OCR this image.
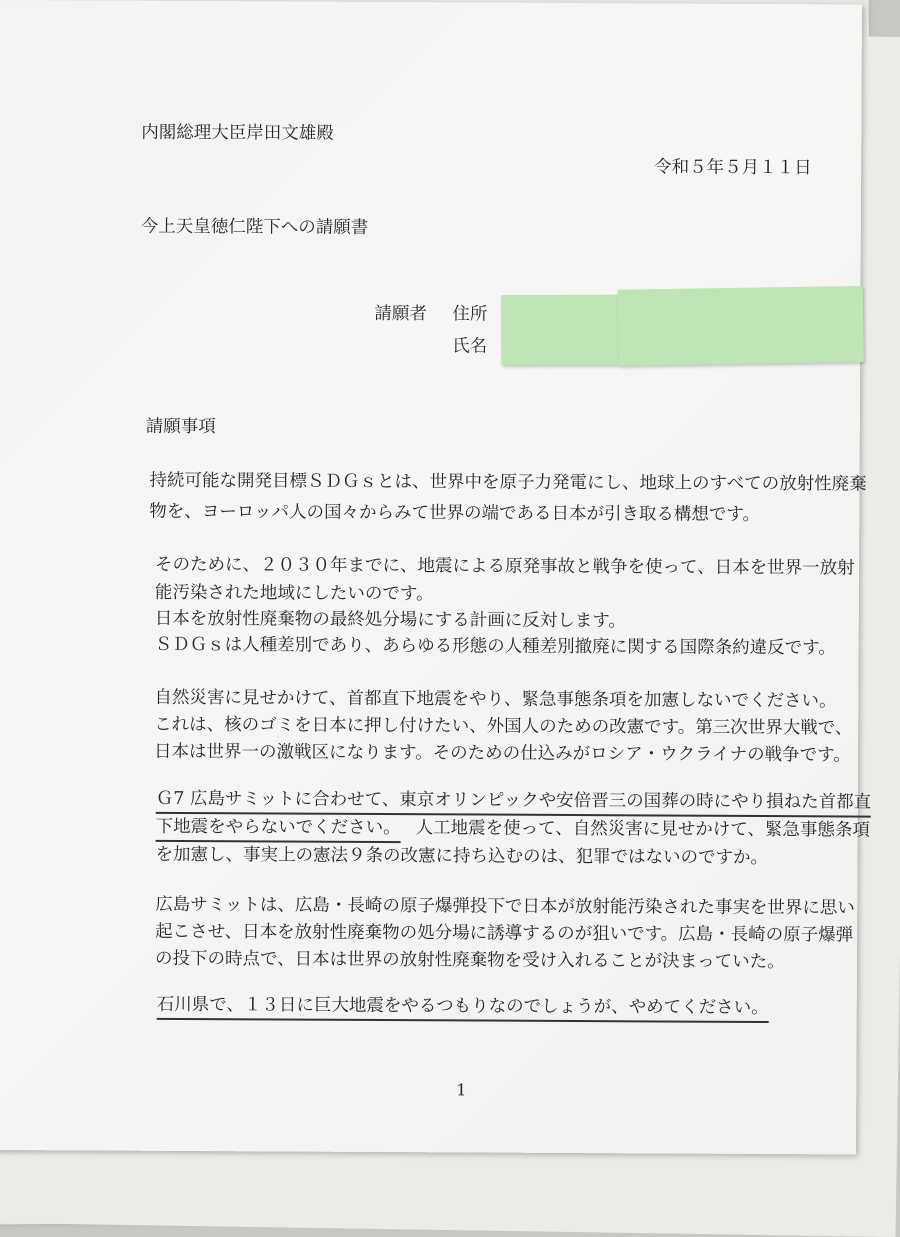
内閣総理大臣岸田文雄殿
令和５年５月１１日
今上天皇徳仁陛下への請願書
請願者 住所
氏名
請願事項
持続可能な開発目標ＳＤＧｓとは、世界中を原子力発電にし、地球上のすべての放射性廃棄
物を、ヨーロッパ人の国々からみて世界の端である日本が引き取る構想です。
そのために、２０３０年までに、地震による原発事故と戦争を使って、日本を世界一放射
能汚染された地域にしたいのです。
日本を放射性廃棄物の最終処分場にする計画に反対します。
ＳＤＧｓは人種差別であり、あらゆる形態の人種差別撤廃に関する国際条約違反です。
自然災害に見せかけて、首都直下地震をやり、緊急事態条項を加憲しないでください。
これは、核のゴミを日本に押し付けたい、外国人のための改憲です。第三次世界大戦で、
日本は世界一の激戦区になります。そのための仕込みがロシア・ウクライナの戦争です。
Ｇ7 広島サミットに合わせて、東京オリンピックや安倍晋三の国葬の時にやり損ねた首都直
下地震をやらないでください。 人工地震を使って、自然災害に見せかけて、緊急事態条項
を加憲し、事実上の憲法９条の改憲に持ち込むのは、犯罪ではないのですか。
広島サミットは、広島・長崎の原子爆弾投下で日本が放射能汚染された事実を世界に思い
起こさせ、日本を放射性廃棄物の処分場に誘導するのが狙いです。広島・長崎の原子爆弾
の投下の時点で、日本は世界の放射性廃棄物を受け入れることが決まっていた。
石川県で、１３日に巨大地震をやるつもりなのでしょうが、やめてください。
1
